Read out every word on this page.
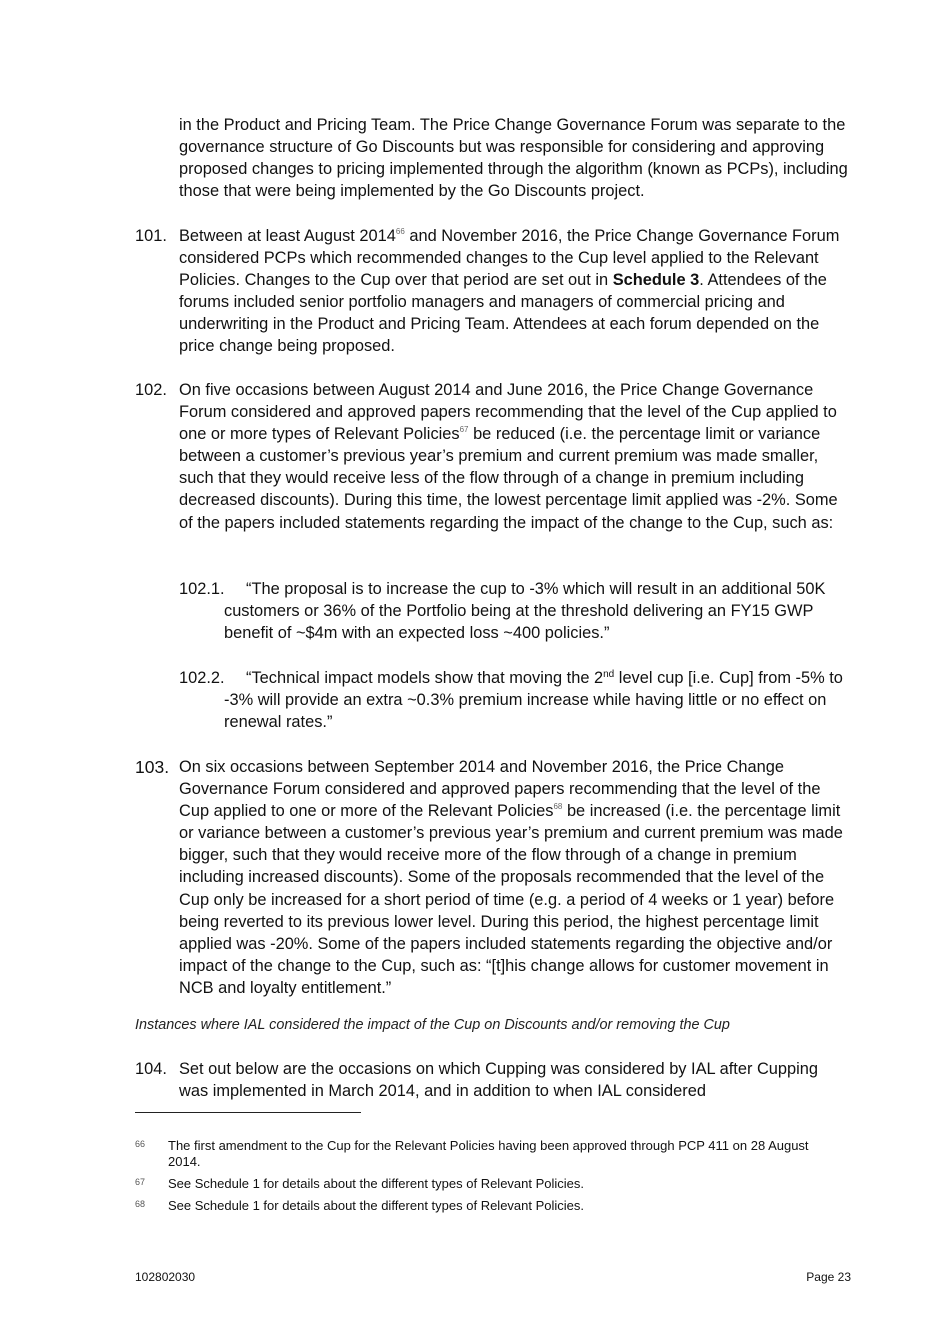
in the Product and Pricing Team. The Price Change Governance Forum was separate to the governance structure of Go Discounts but was responsible for considering and approving proposed changes to pricing implemented through the algorithm (known as PCPs), including those that were being implemented by the Go Discounts project.
101. Between at least August 2014$^{66}$ and November 2016, the Price Change Governance Forum considered PCPs which recommended changes to the Cup level applied to the Relevant Policies. Changes to the Cup over that period are set out in Schedule 3. Attendees of the forums included senior portfolio managers and managers of commercial pricing and underwriting in the Product and Pricing Team. Attendees at each forum depended on the price change being proposed.
102. On five occasions between August 2014 and June 2016, the Price Change Governance Forum considered and approved papers recommending that the level of the Cup applied to one or more types of Relevant Policies$^{67}$ be reduced (i.e. the percentage limit or variance between a customer’s previous year’s premium and current premium was made smaller, such that they would receive less of the flow through of a change in premium including decreased discounts). During this time, the lowest percentage limit applied was -2%. Some of the papers included statements regarding the impact of the change to the Cup, such as:
102.1.	“The proposal is to increase the cup to -3% which will result in an additional 50K customers or 36% of the Portfolio being at the threshold delivering an FY15 GWP benefit of ~$4m with an expected loss ~400 policies.”
102.2.	“Technical impact models show that moving the 2nd level cup [i.e. Cup] from -5% to -3% will provide an extra ~0.3% premium increase while having little or no effect on renewal rates.”
103. On six occasions between September 2014 and November 2016, the Price Change Governance Forum considered and approved papers recommending that the level of the Cup applied to one or more of the Relevant Policies$^{68}$ be increased (i.e. the percentage limit or variance between a customer’s previous year’s premium and current premium was made bigger, such that they would receive more of the flow through of a change in premium including increased discounts). Some of the proposals recommended that the level of the Cup only be increased for a short period of time (e.g. a period of 4 weeks or 1 year) before being reverted to its previous lower level. During this period, the highest percentage limit applied was -20%. Some of the papers included statements regarding the objective and/or impact of the change to the Cup, such as: “[t]his change allows for customer movement in NCB and loyalty entitlement.”
Instances where IAL considered the impact of the Cup on Discounts and/or removing the Cup
104. Set out below are the occasions on which Cupping was considered by IAL after Cupping was implemented in March 2014, and in addition to when IAL considered
66 The first amendment to the Cup for the Relevant Policies having been approved through PCP 411 on 28 August 2014.
67 See Schedule 1 for details about the different types of Relevant Policies.
68 See Schedule 1 for details about the different types of Relevant Policies.
102802030	Page 23
